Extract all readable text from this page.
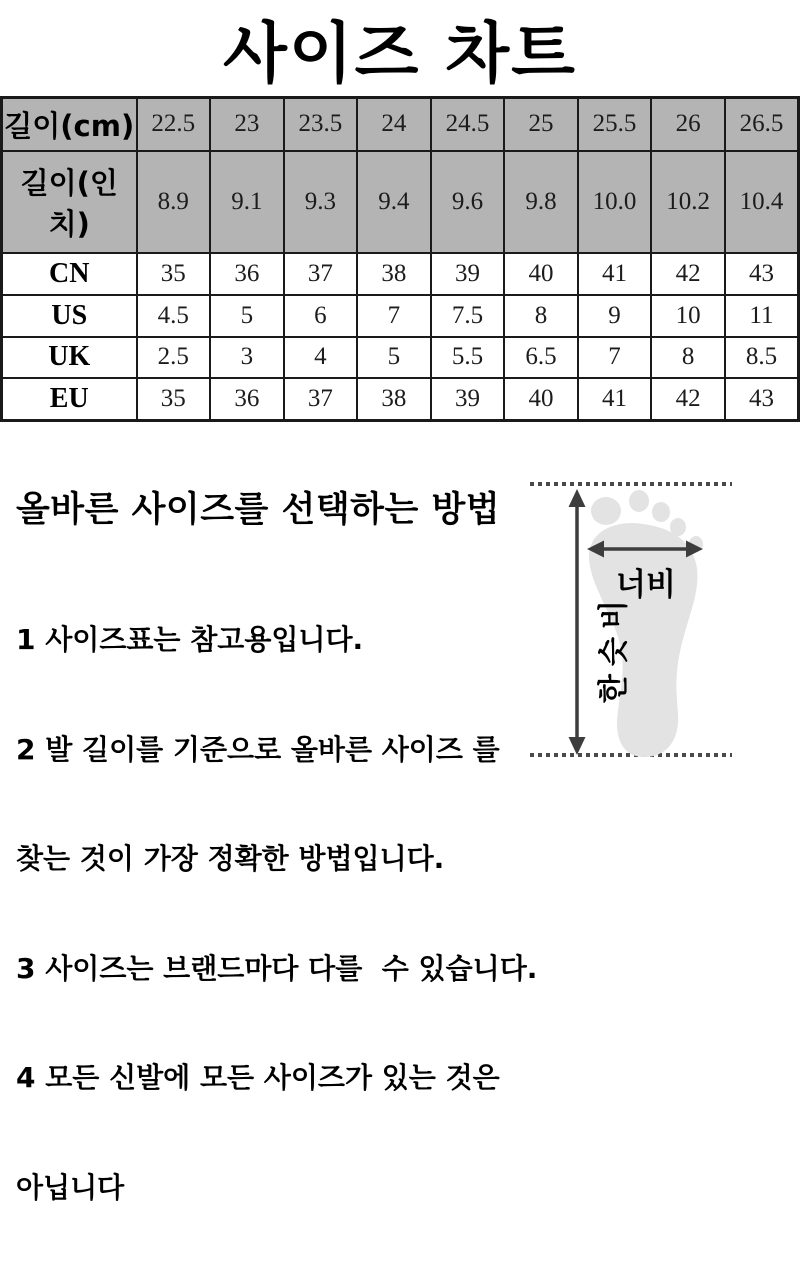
사이즈 차트
길이(cm)	22.5	23	23.5	24	24.5	25	25.5	26	26.5
길이(인치)	8.9	9.1	9.3	9.4	9.6	9.8	10.0	10.2	10.4
CN	35	36	37	38	39	40	41	42	43
US	4.5	5	6	7	7.5	8	9	10	11
UK	2.5	3	4	5	5.5	6.5	7	8	8.5
EU	35	36	37	38	39	40	41	42	43
올바른 사이즈를 선택하는 방법

1 사이즈표는 참고용입니다.

2 발 길이를 기준으로 올바른 사이즈 를

찾는 것이 가장 정확한 방법입니다.

3 사이즈는 브랜드마다 다를  수 있습니다.

4 모든 신발에 모든 사이즈가 있는 것은

아닙니다

너비
비
슷
한
